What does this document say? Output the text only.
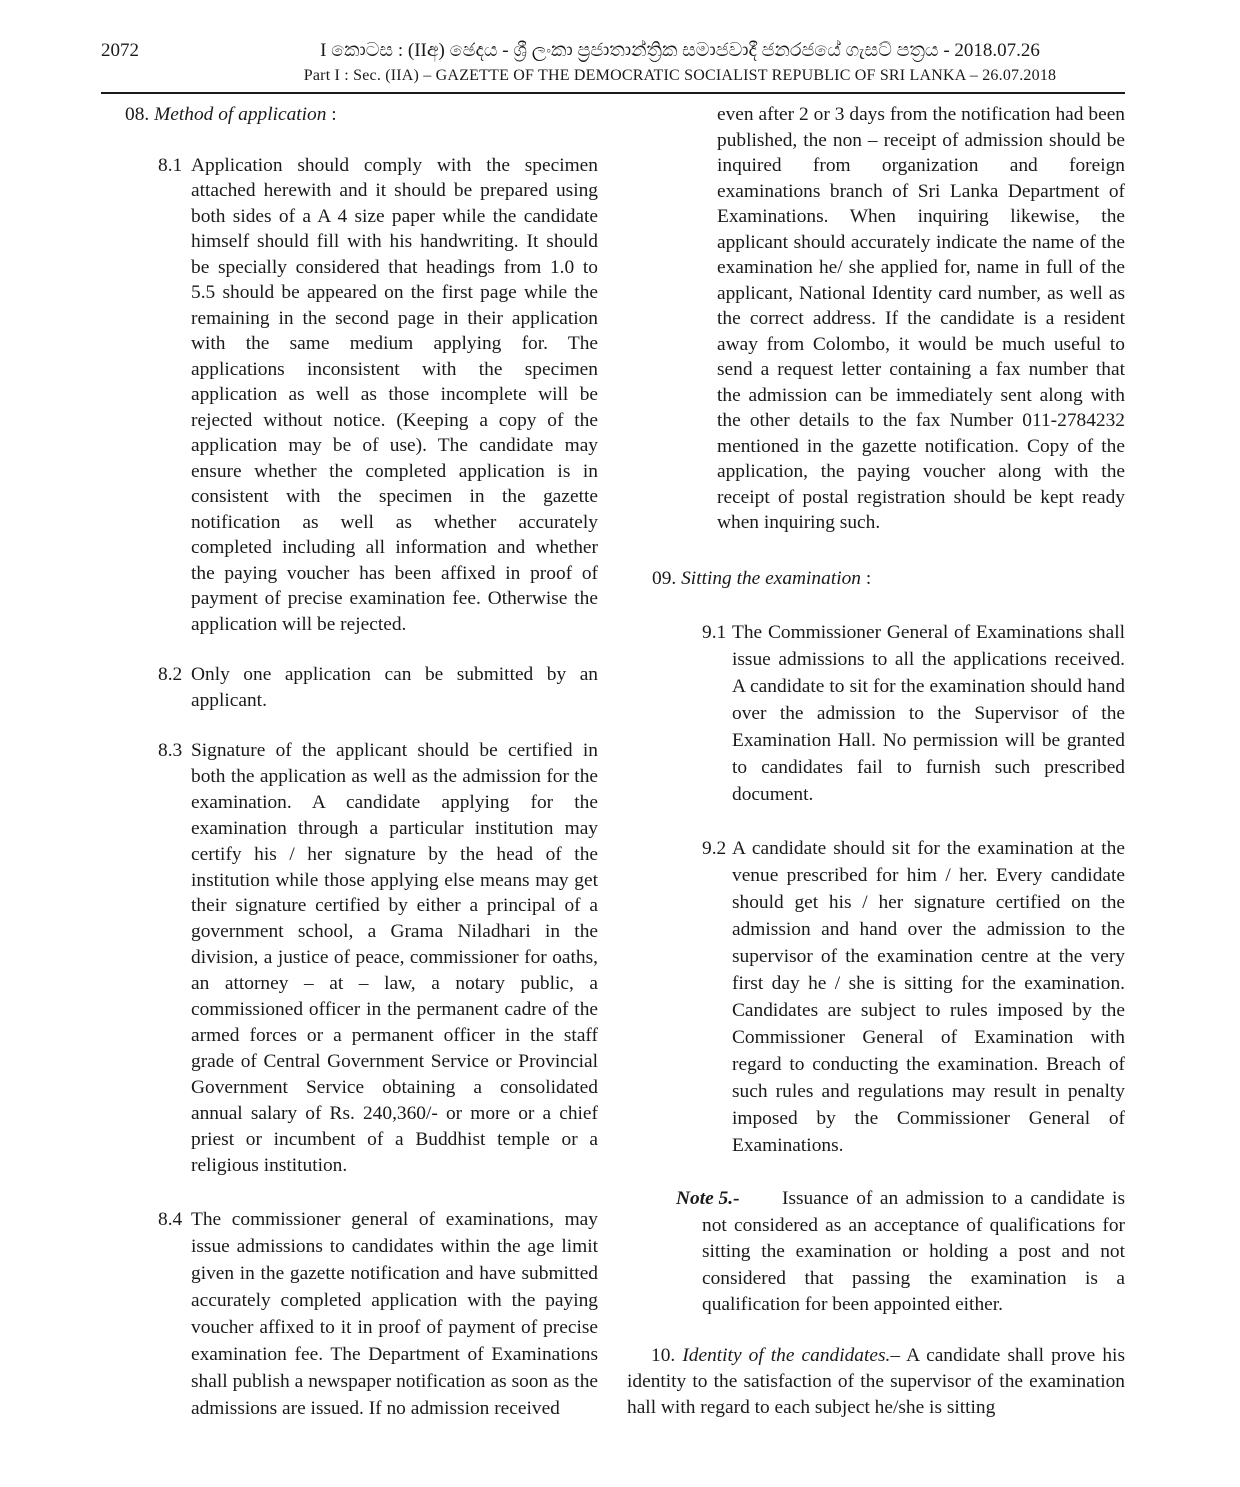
2072	I කොටස : (IIඅ) ඡෙදය - ශ්‍රී ලංකා ප්‍රජාතාන්ත්‍රික සමාජවාදී ජනරජයේ ගැසට් පත්‍රය - 2018.07.26
Part I : Sec. (IIA) – GAZETTE OF THE DEMOCRATIC SOCIALIST REPUBLIC OF SRI LANKA – 26.07.2018

08. Method of application :

8.1 Application should comply with the specimen attached herewith and it should be prepared using both sides of a A 4 size paper while the candidate himself should fill with his handwriting. It should be specially considered that headings from 1.0 to 5.5 should be appeared on the first page while the remaining in the second page in their application with the same medium applying for. The applications inconsistent with the specimen application as well as those incomplete will be rejected without notice. (Keeping a copy of the application may be of use). The candidate may ensure whether the completed application is in consistent with the specimen in the gazette notification as well as whether accurately completed including all information and whether the paying voucher has been affixed in proof of payment of precise examination fee. Otherwise the application will be rejected.

8.2 Only one application can be submitted by an applicant.

8.3 Signature of the applicant should be certified in both the application as well as the admission for the examination. A candidate applying for the examination through a particular institution may certify his / her signature by the head of the institution while those applying else means may get their signature certified by either a principal of a government school, a Grama Niladhari in the division, a justice of peace, commissioner for oaths, an attorney – at – law, a notary public, a commissioned officer in the permanent cadre of the armed forces or a permanent officer in the staff grade of Central Government Service or Provincial Government Service obtaining a consolidated annual salary of Rs. 240,360/- or more or a chief priest or incumbent of a Buddhist temple or a religious institution.

8.4 The commissioner general of examinations, may issue admissions to candidates within the age limit given in the gazette notification and have submitted accurately completed application with the paying voucher affixed to it in proof of payment of precise examination fee. The Department of Examinations shall publish a newspaper notification as soon as the admissions are issued. If no admission received

even after 2 or 3 days from the notification had been published, the non – receipt of admission should be inquired from organization and foreign examinations branch of Sri Lanka Department of Examinations. When inquiring likewise, the applicant should accurately indicate the name of the examination he/ she applied for, name in full of the applicant, National Identity card number, as well as the correct address. If the candidate is a resident away from Colombo, it would be much useful to send a request letter containing a fax number that the admission can be immediately sent along with the other details to the fax Number 011-2784232 mentioned in the gazette notification. Copy of the application, the paying voucher along with the receipt of postal registration should be kept ready when inquiring such.

09. Sitting the examination :

9.1 The Commissioner General of Examinations shall issue admissions to all the applications received. A candidate to sit for the examination should hand over the admission to the Supervisor of the Examination Hall. No permission will be granted to candidates fail to furnish such prescribed document.

9.2 A candidate should sit for the examination at the venue prescribed for him / her. Every candidate should get his / her signature certified on the admission and hand over the admission to the supervisor of the examination centre at the very first day he / she is sitting for the examination. Candidates are subject to rules imposed by the Commissioner General of Examination with regard to conducting the examination. Breach of such rules and regulations may result in penalty imposed by the Commissioner General of Examinations.

Note 5.-	Issuance of an admission to a candidate is not considered as an acceptance of qualifications for sitting the examination or holding a post and not considered that passing the examination is a qualification for been appointed either.

10. Identity of the candidates.– A candidate shall prove his identity to the satisfaction of the supervisor of the examination hall with regard to each subject he/she is sitting
